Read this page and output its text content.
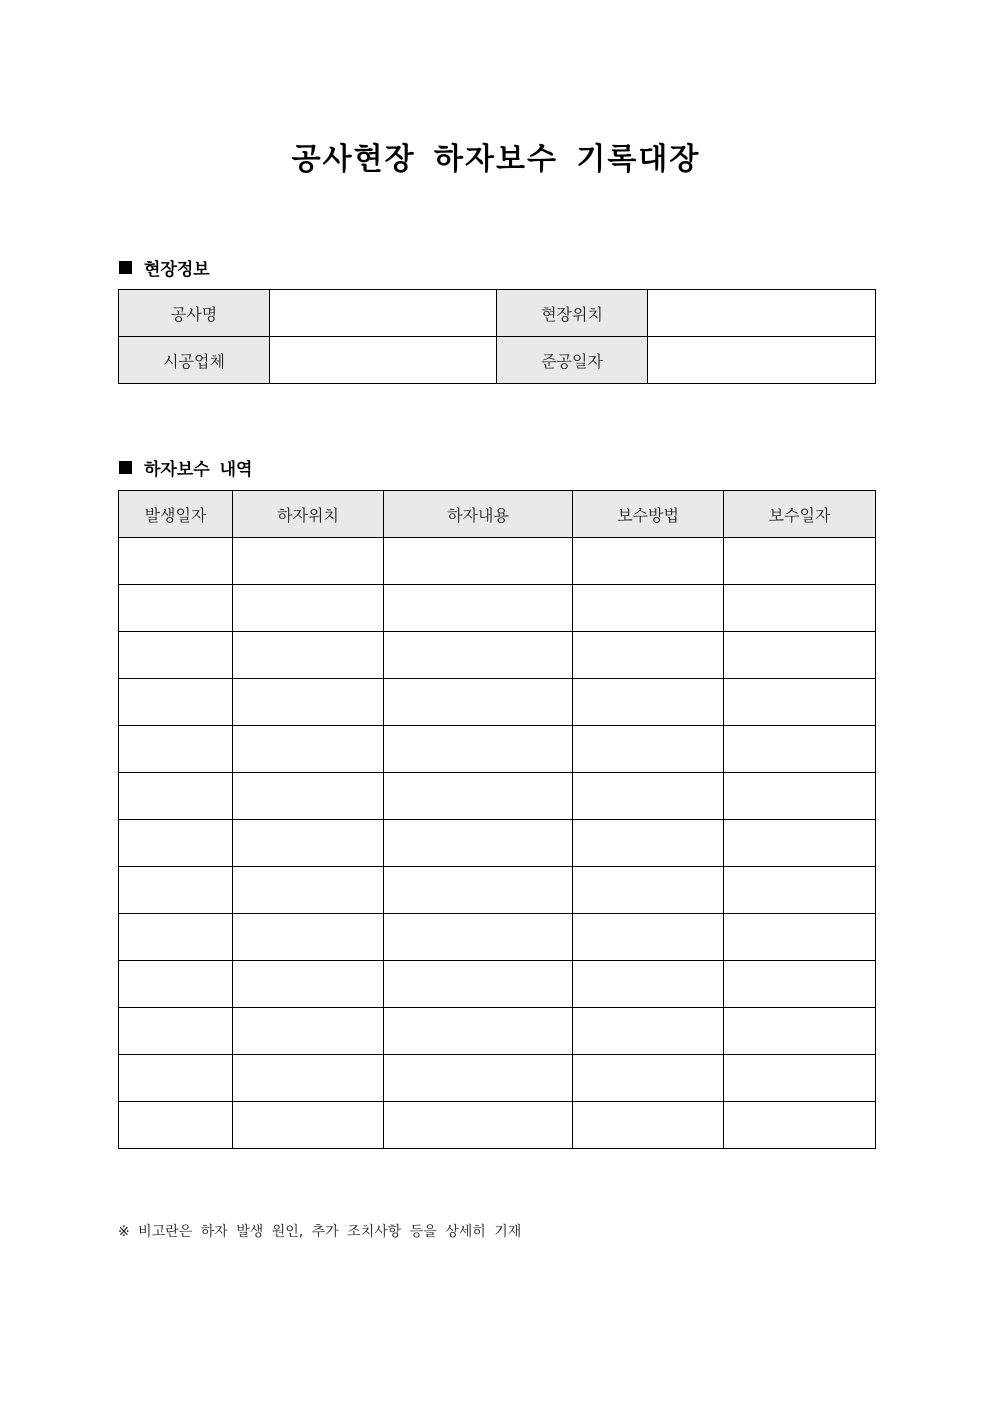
공사현장 하자보수 기록대장
현장정보
공사명		현장위치	
시공업체		준공일자	
하자보수 내역
발생일자	하자위치	하자내용	보수방법	보수일자

※ 비고란은 하자 발생 원인, 추가 조치사항 등을 상세히 기재
